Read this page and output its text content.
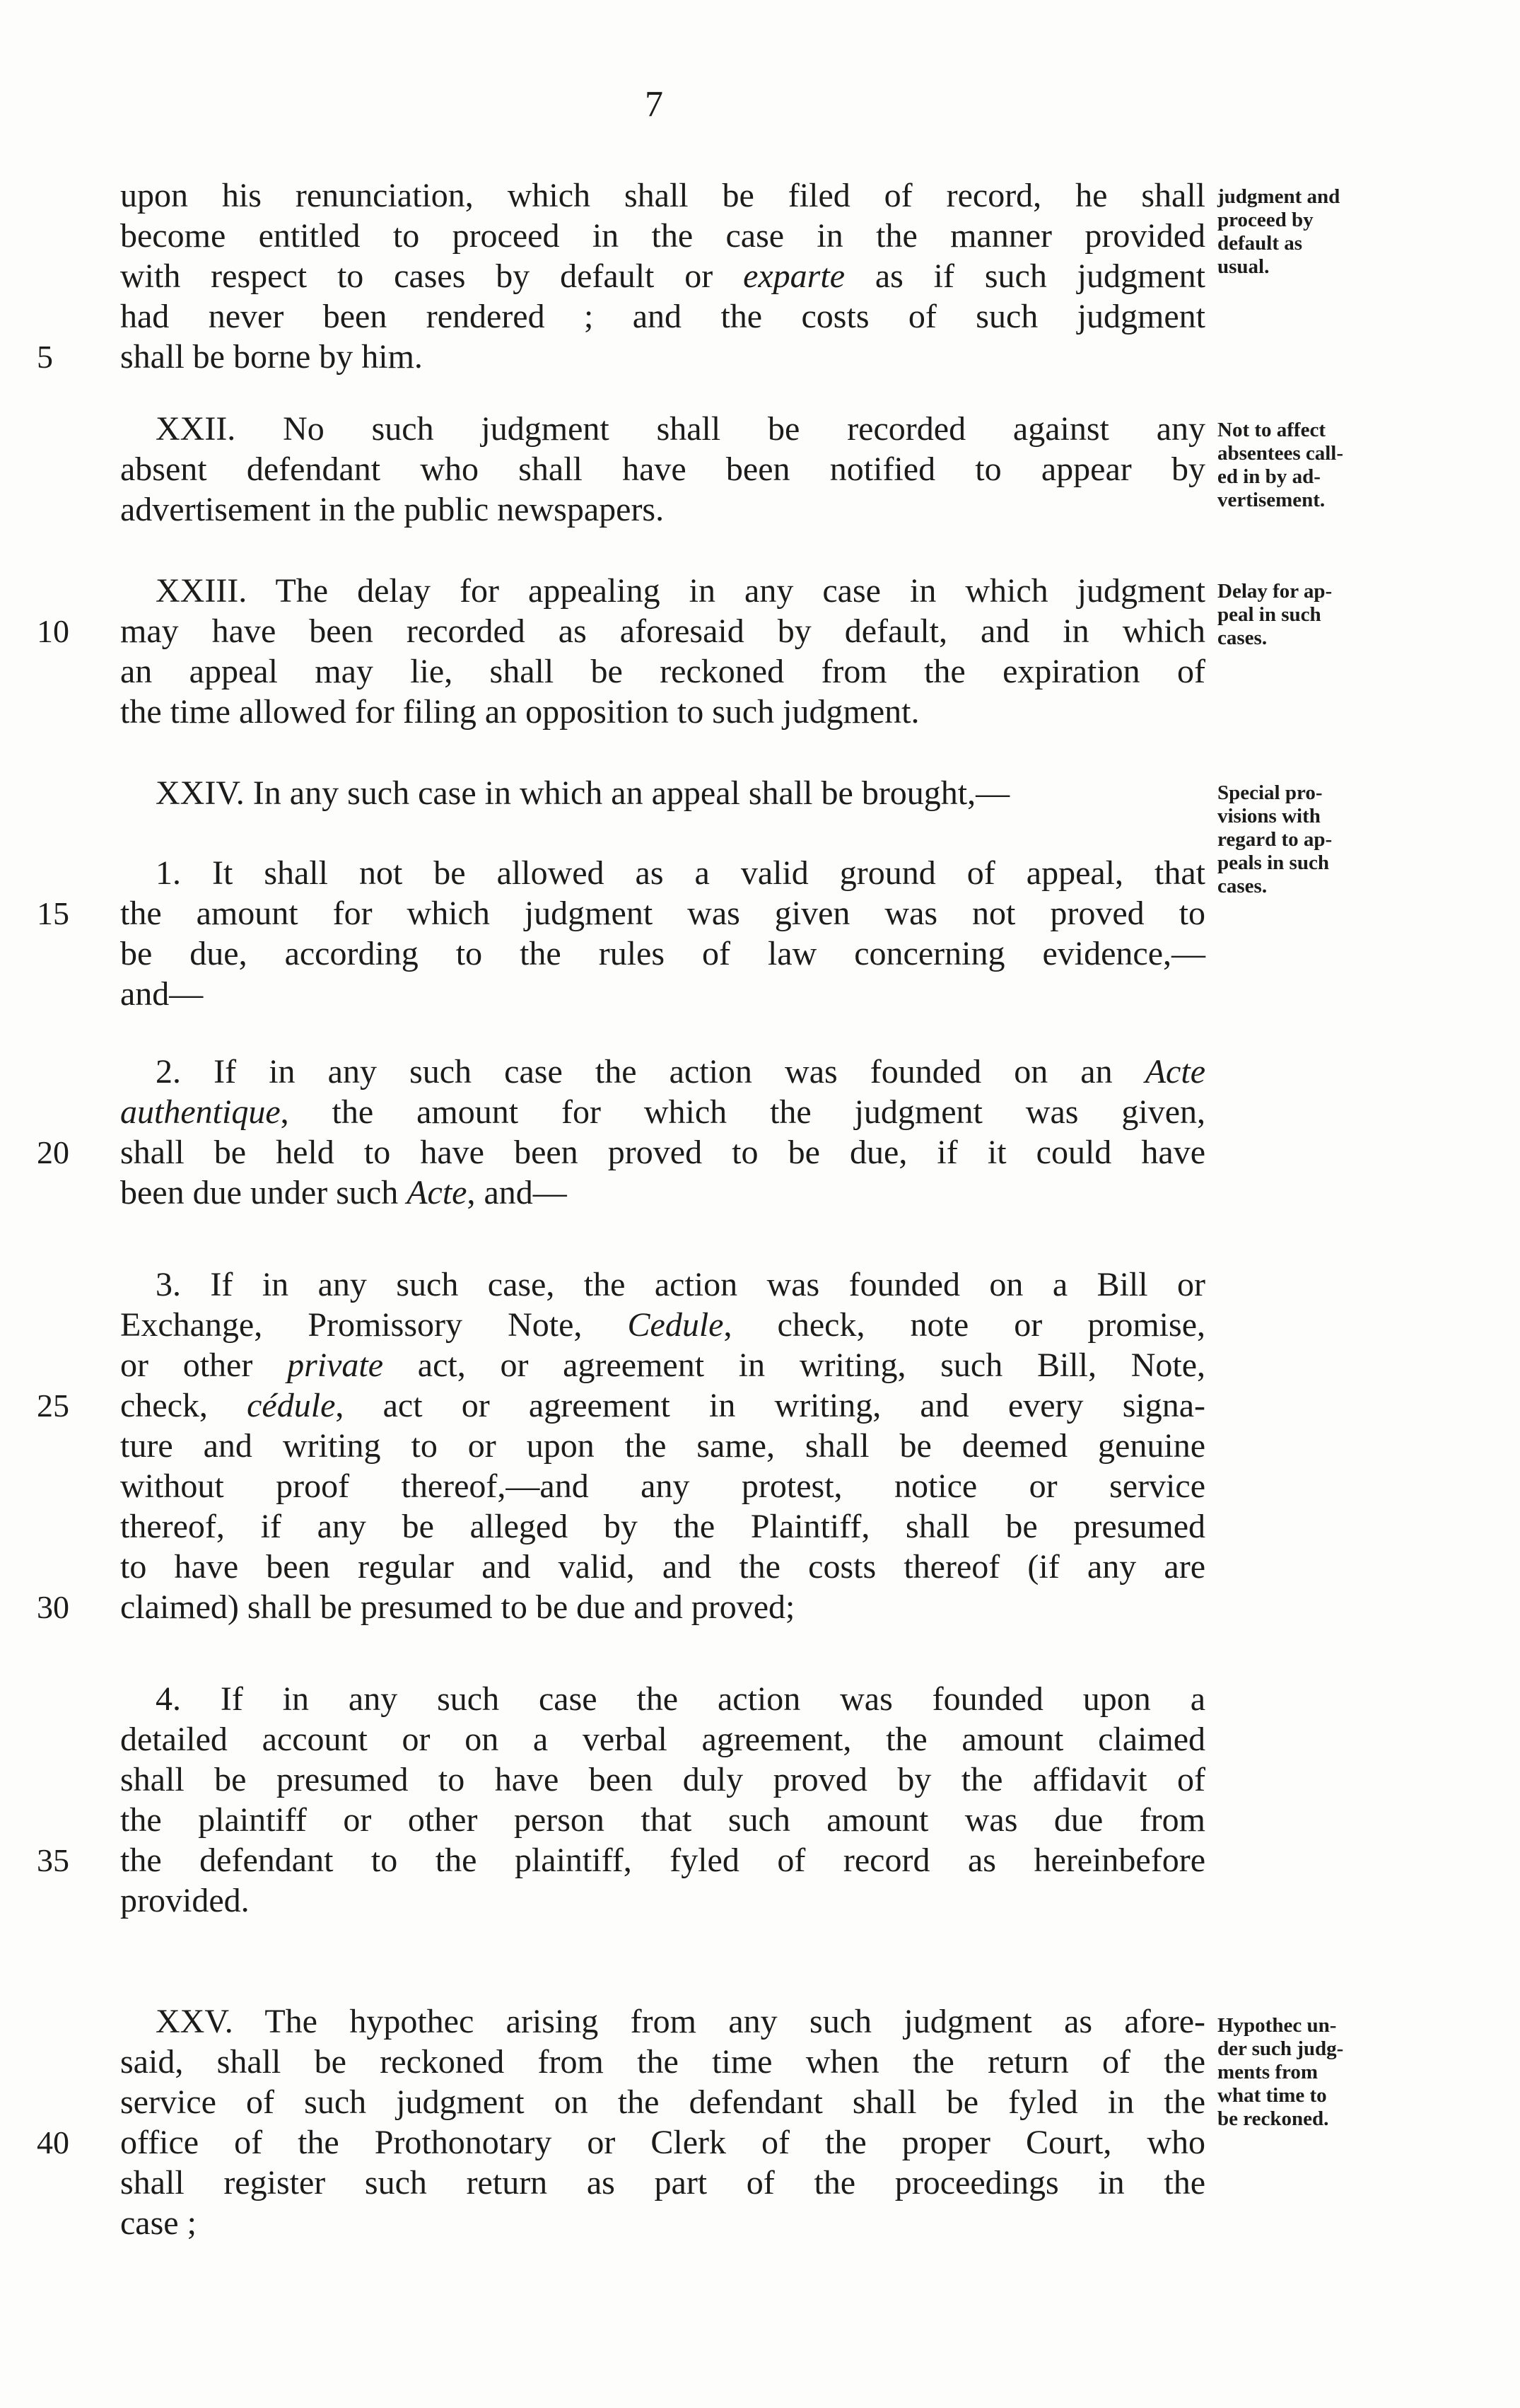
7
upon his renunciation, which shall be filed of record, he shall
become entitled to proceed in the case in the manner provided
with respect to cases by default or exparte as if such judgment
had never been rendered ; and the costs of such judgment
shall be borne by him.
judgment and
proceed by
default as
usual.
XXII. No such judgment shall be recorded against any
absent defendant who shall have been notified to appear by
advertisement in the public newspapers.
Not to affect
absentees call-
ed in by ad-
vertisement.
XXIII. The delay for appealing in any case in which judgment
may have been recorded as aforesaid by default, and in which
an appeal may lie, shall be reckoned from the expiration of
the time allowed for filing an opposition to such judgment.
Delay for ap-
peal in such
cases.
XXIV. In any such case in which an appeal shall be brought,—	Special pro-
visions with
regard to ap-
peals in such
cases.
1. It shall not be allowed as a valid ground of appeal, that
the amount for which judgment was given was not proved to
be due, according to the rules of law concerning evidence,—
and—
2. If in any such case the action was founded on an Acte
authentique, the amount for which the judgment was given,
shall be held to have been proved to be due, if it could have
been due under such Acte, and—
3. If in any such case, the action was founded on a Bill or
Exchange, Promissory Note, Cedule, check, note or promise,
or other private act, or agreement in writing, such Bill, Note,
check, cédule, act or agreement in writing, and every signa-
ture and writing to or upon the same, shall be deemed genuine
without proof thereof,—and any protest, notice or service
thereof, if any be alleged by the Plaintiff, shall be presumed
to have been regular and valid, and the costs thereof (if any are
claimed) shall be presumed to be due and proved;
4. If in any such case the action was founded upon a
detailed account or on a verbal agreement, the amount claimed
shall be presumed to have been duly proved by the affidavit of
the plaintiff or other person that such amount was due from
the defendant to the plaintiff, fyled of record as hereinbefore
provided.
XXV. The hypothec arising from any such judgment as afore-
said, shall be reckoned from the time when the return of the
service of such judgment on the defendant shall be fyled in the
office of the Prothonotary or Clerk of the proper Court, who
shall register such return as part of the proceedings in the
case ;
Hypothec un-
der such judg-
ments from
what time to
be reckoned.
5
10
15
20
25
30
35
40
